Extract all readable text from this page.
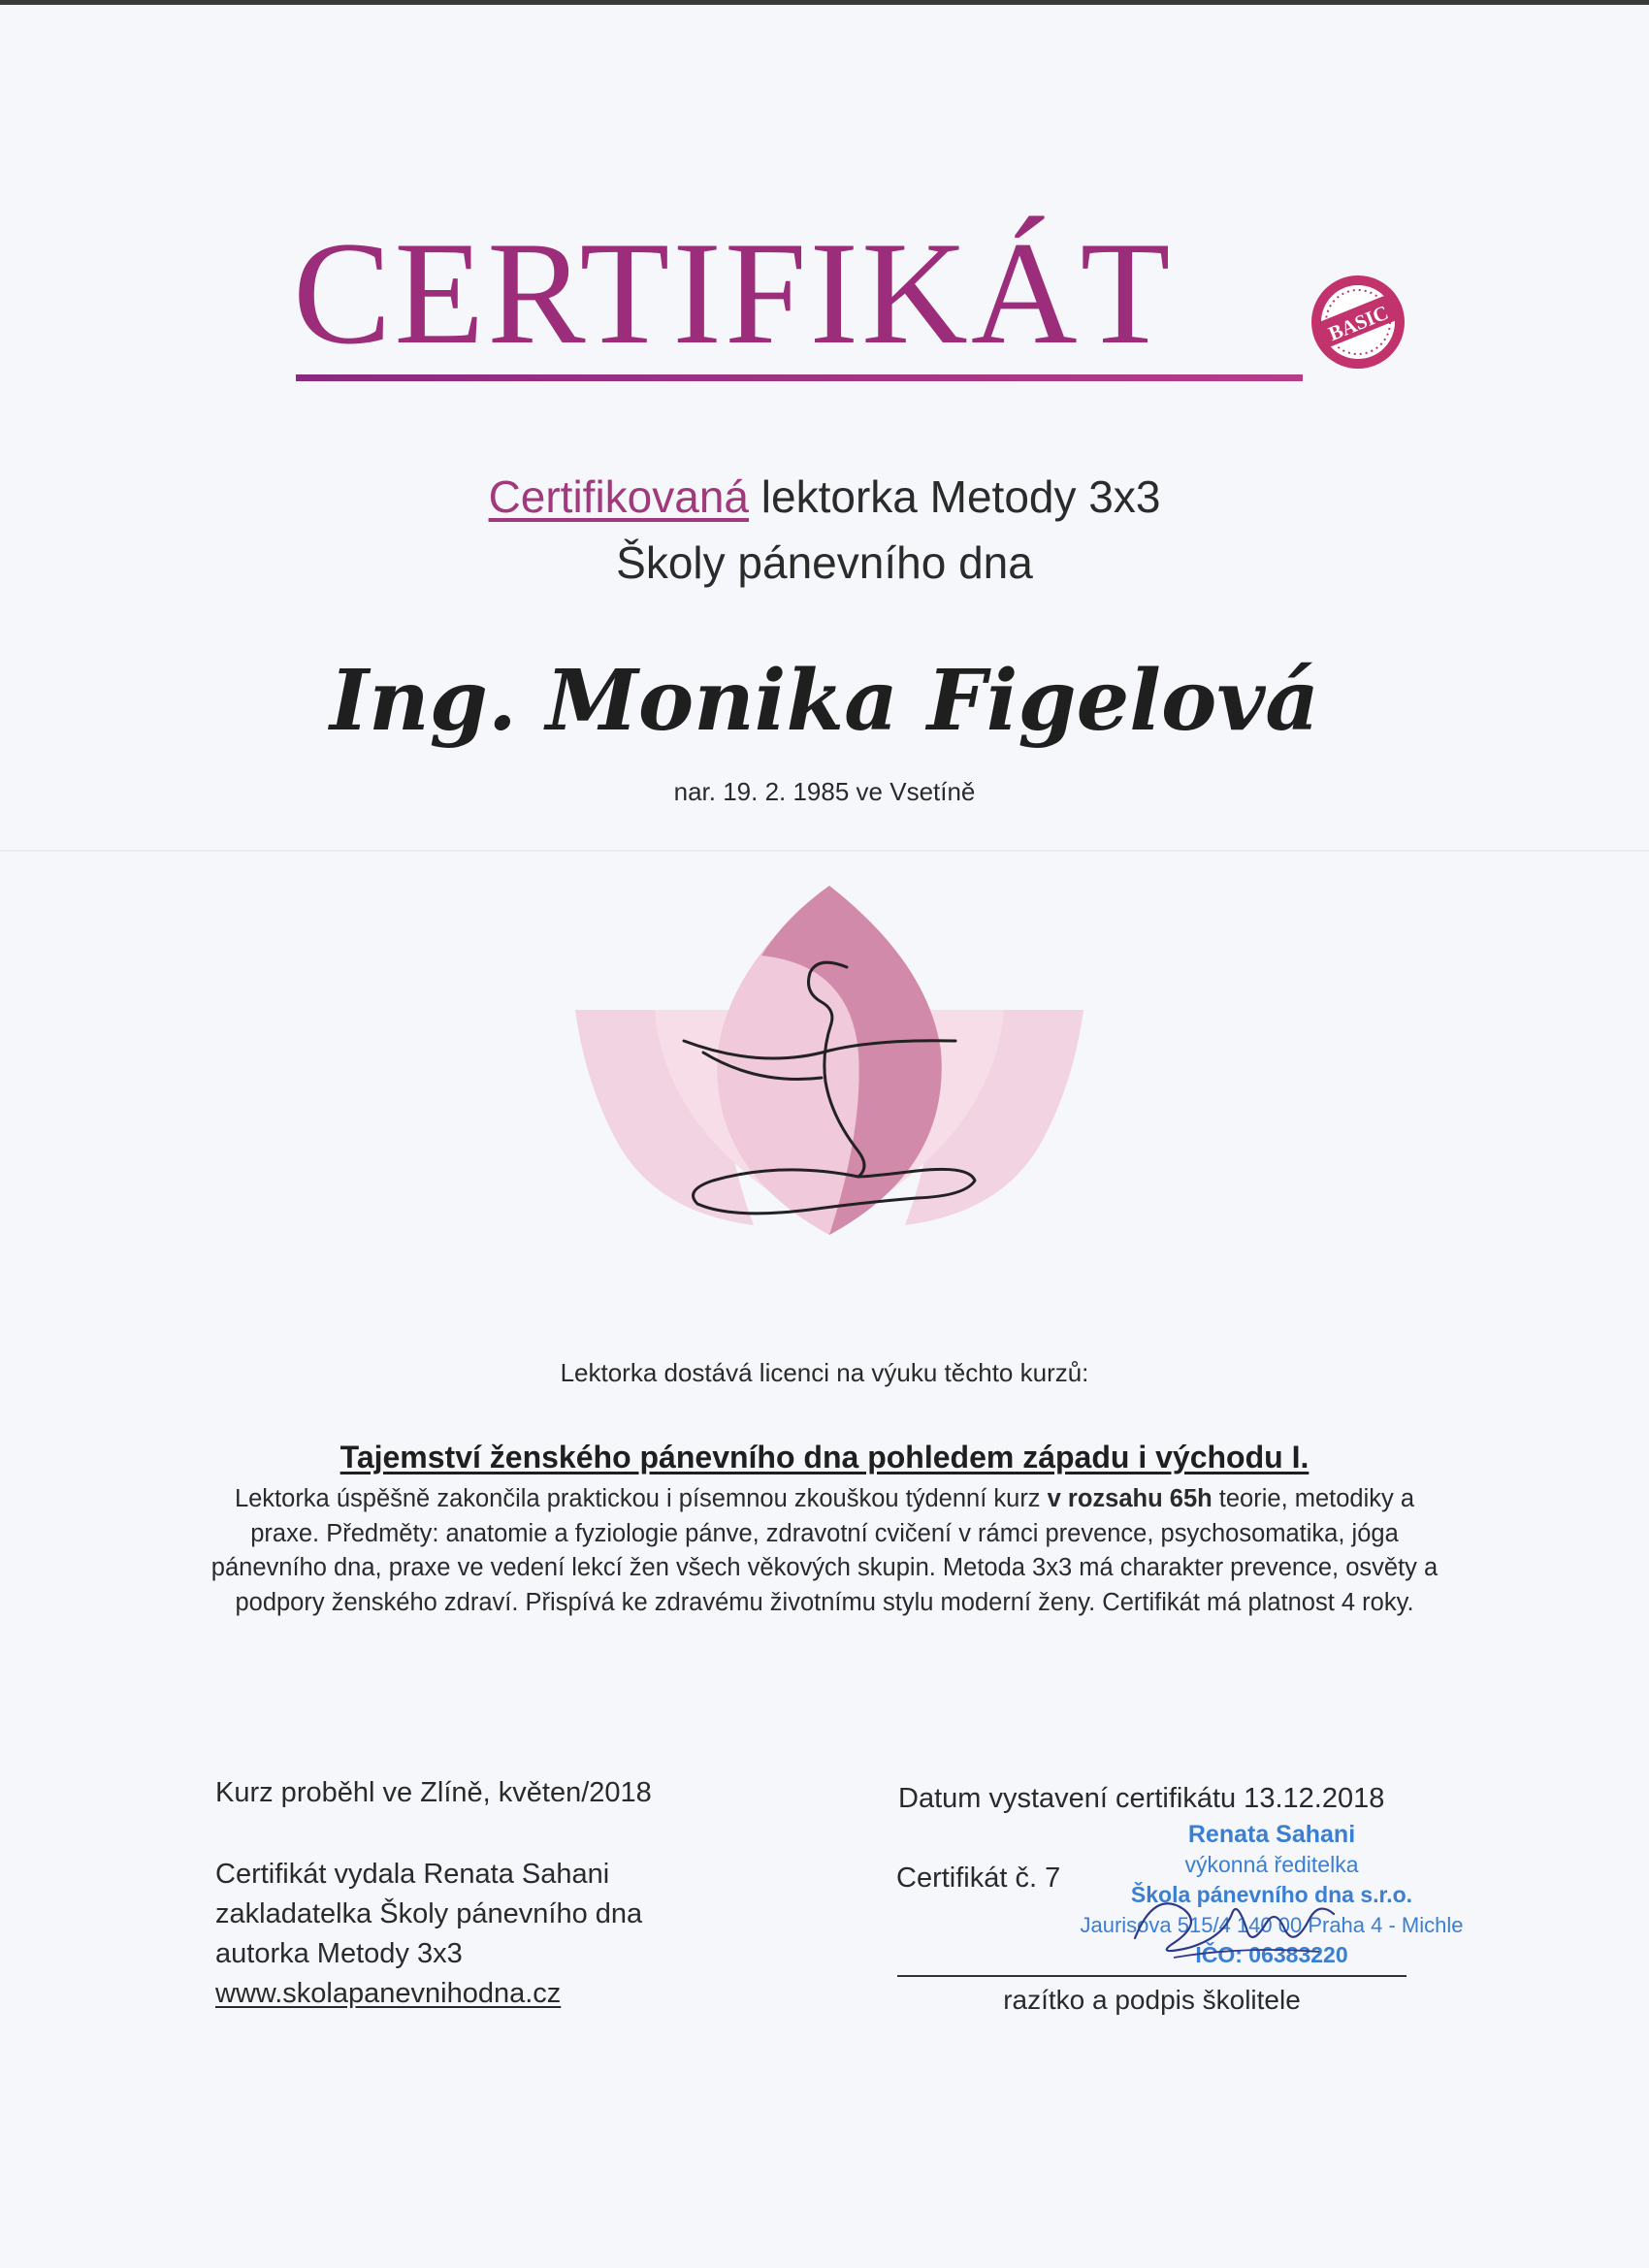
CERTIFIKÁT	BASIC
Certifikovaná lektorka Metody 3x3
Školy pánevního dna
Ing. Monika Figelová
nar. 19. 2. 1985 ve Vsetíně
Lektorka dostává licenci na výuku těchto kurzů:
Tajemství ženského pánevního dna pohledem západu i východu I.
Lektorka úspěšně zakončila praktickou i písemnou zkouškou týdenní kurz v rozsahu 65h teorie, metodiky a praxe. Předměty: anatomie a fyziologie pánve, zdravotní cvičení v rámci prevence, psychosomatika, jóga pánevního dna, praxe ve vedení lekcí žen všech věkových skupin. Metoda 3x3 má charakter prevence, osvěty a podpory ženského zdraví. Přispívá ke zdravému životnímu stylu moderní ženy. Certifikát má platnost 4 roky.
Kurz proběhl ve Zlíně, květen/2018
Certifikát vydala Renata Sahani
zakladatelka Školy pánevního dna
autorka Metody 3x3
www.skolapanevnihodna.cz
Datum vystavení certifikátu 13.12.2018
Certifikát č. 7
Renata Sahani
výkonná ředitelka
Škola pánevního dna s.r.o.
Jaurisova 515/4 140 00 Praha 4 - Michle
IČO: 06383220
razítko a podpis školitele
